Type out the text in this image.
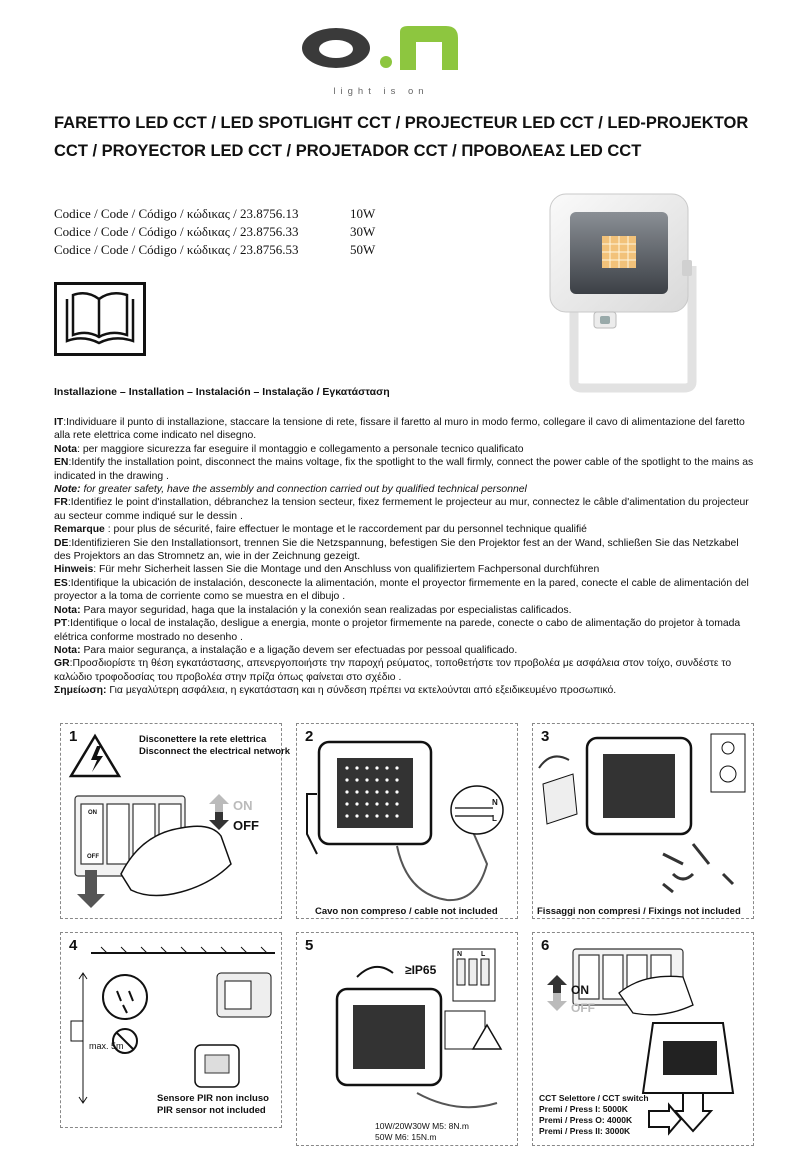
light is on
FARETTO LED CCT / LED SPOTLIGHT CCT / PROJECTEUR LED CCT / LED-PROJEKTOR
CCT / PROYECTOR LED CCT / PROJETADOR CCT / ΠΡΟΒΟΛΕΑΣ LED CCT
Codice / Code / Código / κώδικας / 23.8756.13	10W
Codice / Code / Código / κώδικας / 23.8756.33	30W
Codice / Code / Código / κώδικας / 23.8756.53	50W
Installazione – Installation – Instalación – Instalação / Εγκατάσταση

IT:Individuare il punto di installazione, staccare la tensione di rete, fissare il faretto al muro in modo fermo, collegare il cavo di alimentazione del faretto alla rete elettrica come indicato nel disegno.

Nota: per maggiore sicurezza far eseguire il montaggio e collegamento a personale tecnico qualificato

EN:Identify the installation point, disconnect the mains voltage, fix the spotlight to the wall firmly, connect the power cable of the spotlight to the mains as indicated in the drawing .

Note: for greater safety, have the assembly and connection carried out by qualified technical personnel

FR:Identifiez le point d'installation, débranchez la tension secteur, fixez fermement le projecteur au mur, connectez le câble d'alimentation du projecteur au secteur comme indiqué sur le dessin .

Remarque : pour plus de sécurité, faire effectuer le montage et le raccordement par du personnel technique qualifié

DE:Identifizieren Sie den Installationsort, trennen Sie die Netzspannung, befestigen Sie den Projektor fest an der Wand, schließen Sie das Netzkabel des Projektors an das Stromnetz an, wie in der Zeichnung gezeigt.

Hinweis: Für mehr Sicherheit lassen Sie die Montage und den Anschluss von qualifiziertem Fachpersonal durchführen

ES:Identifique la ubicación de instalación, desconecte la alimentación, monte el proyector firmemente en la pared, conecte el cable de alimentación del proyector a la toma de corriente como se muestra en el dibujo .

Nota: Para mayor seguridad, haga que la instalación y la conexión sean realizadas por especialistas calificados.

PT:Identifique o local de instalação, desligue a energia, monte o projetor firmemente na parede, conecte o cabo de alimentação do projetor à tomada elétrica conforme mostrado no desenho .

Nota: Para maior segurança, a instalação e a ligação devem ser efectuadas por pessoal qualificado.

GR:Προσδιορίστε τη θέση εγκατάστασης, απενεργοποιήστε την παροχή ρεύματος, τοποθετήστε τον προβολέα με ασφάλεια στον τοίχο, συνδέστε το καλώδιο τροφοδοσίας του προβολέα στην πρίζα όπως φαίνεται στο σχέδιο .

Σημείωση: Για μεγαλύτερη ασφάλεια, η εγκατάσταση και η σύνδεση πρέπει να εκτελούνται από εξειδικευμένο προσωπικό.

1	Disconettere la rete elettrica
Disconnect the electrical network
ON
OFF
ON
OFF
2
N
L
Cavo non compreso / cable not included
3
Fissaggi non compresi / Fixings not included
4
max. 5m
Sensore PIR non incluso
PIR sensor not included
5
≥IP65
N	L
10W/20W30W M5: 8N.m
50W M6: 15N.m
6
ON
OFF
CCT Selettore / CCT switch
Premi / Press I: 5000K
Premi / Press O: 4000K
Premi / Press II: 3000K
